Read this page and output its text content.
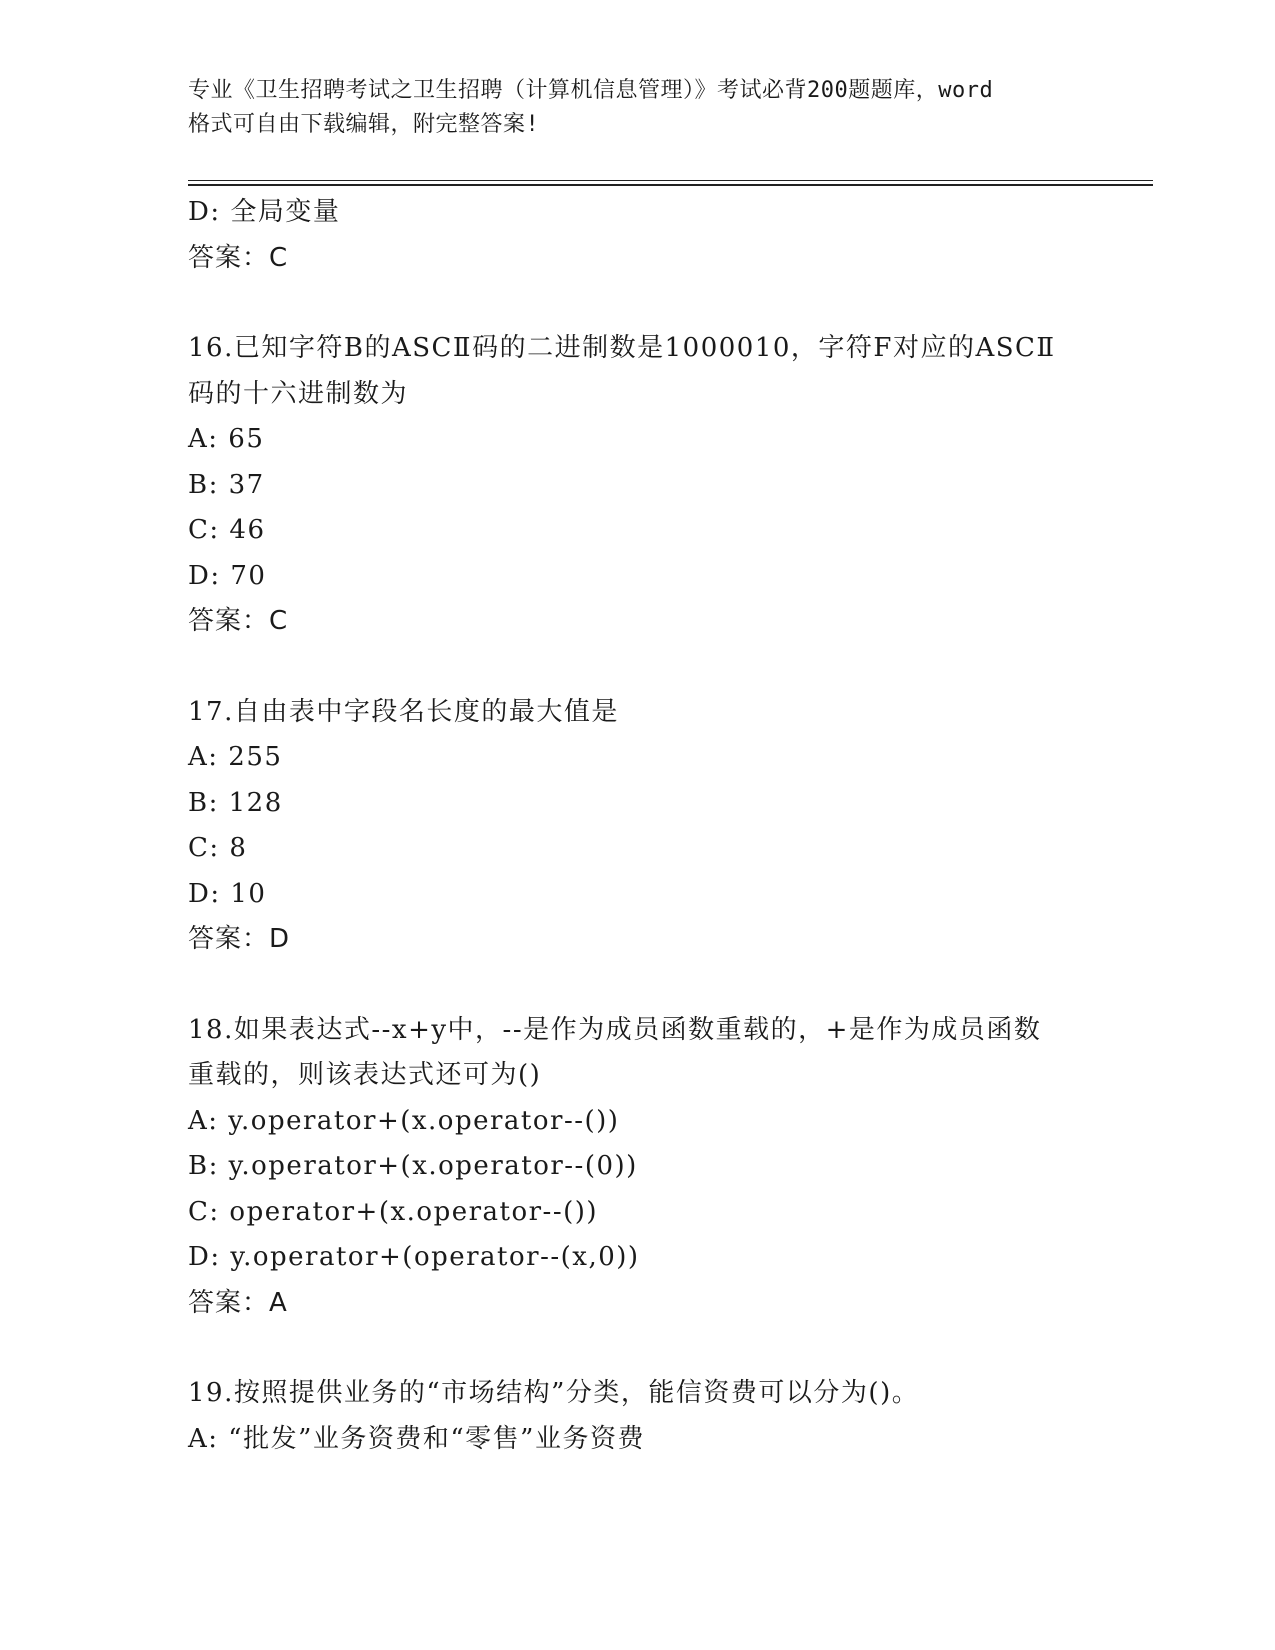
专业《卫生招聘考试之卫生招聘（计算机信息管理）》考试必背200题题库，word
格式可自由下载编辑，附完整答案!
D: 全局变量
答案：C
16.已知字符B的ASCⅡ码的二进制数是1000010，字符F对应的ASCⅡ
码的十六进制数为
A: 65
B: 37
C: 46
D: 70
答案：C
17.自由表中字段名长度的最大值是
A: 255
B: 128
C: 8
D: 10
答案：D
18.如果表达式--x+y中，--是作为成员函数重载的，+是作为成员函数
重载的，则该表达式还可为()
A: y.operator+(x.operator--())
B: y.operator+(x.operator--(0))
C: operator+(x.operator--())
D: y.operator+(operator--(x,0))
答案：A
19.按照提供业务的“市场结构”分类，能信资费可以分为()。
A: “批发”业务资费和“零售”业务资费
